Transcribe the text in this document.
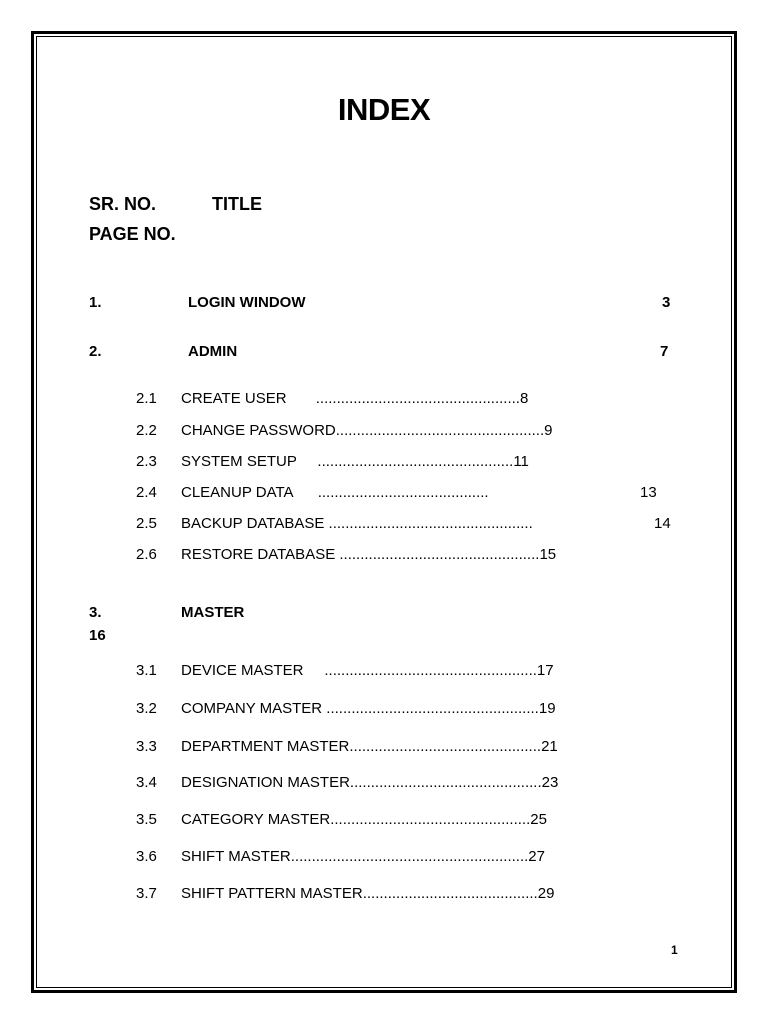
INDEX
SR. NO.	TITLE
PAGE NO.
1.	LOGIN WINDOW	3
2.	ADMIN	7
2.1 CREATE USER       .................................................8
2.2 CHANGE PASSWORD..................................................9
2.3 SYSTEM SETUP     ...............................................11
2.4 CLEANUP DATA      .........................................	13
2.5 BACKUP DATABASE .................................................	14
2.6 RESTORE DATABASE ................................................15
3.	MASTER
16
3.1 DEVICE MASTER     ...................................................17
3.2 COMPANY MASTER ...................................................19
3.3 DEPARTMENT MASTER..............................................21
3.4 DESIGNATION MASTER..............................................23
3.5 CATEGORY MASTER................................................25
3.6 SHIFT MASTER.........................................................27
3.7 SHIFT PATTERN MASTER..........................................29
1
